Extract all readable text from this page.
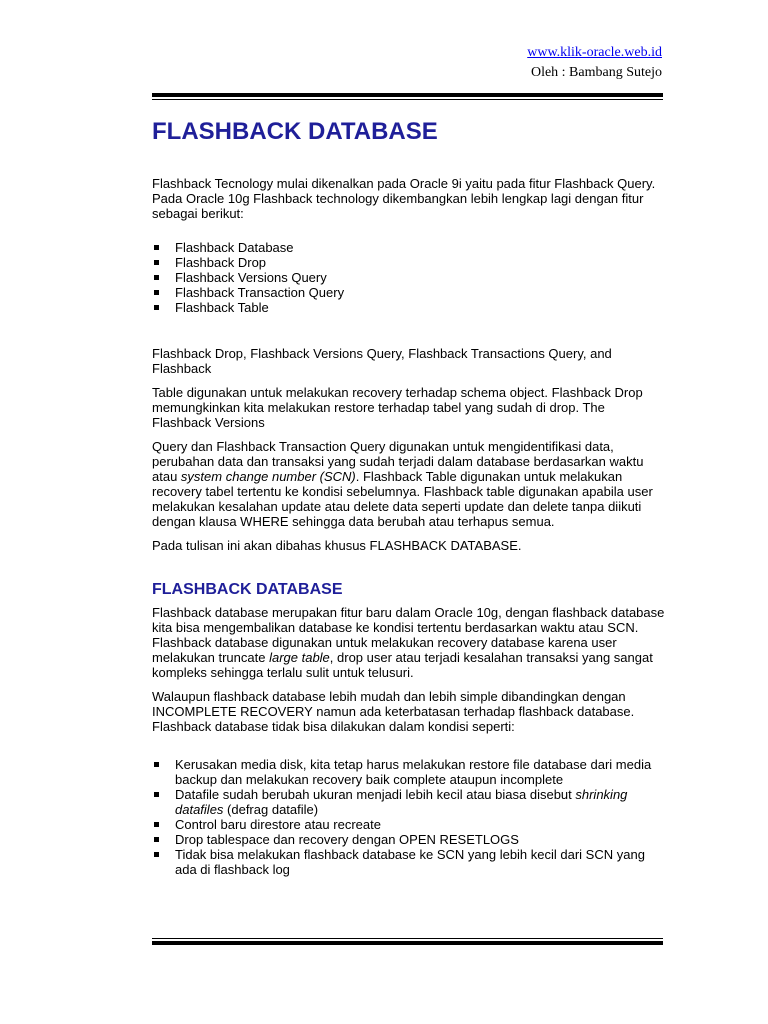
www.klik-oracle.web.id
Oleh : Bambang Sutejo
FLASHBACK DATABASE

Flashback Tecnology mulai dikenalkan pada Oracle 9i yaitu pada fitur Flashback Query. Pada Oracle 10g Flashback technology dikembangkan lebih lengkap lagi dengan fitur sebagai berikut:

Flashback Database
Flashback Drop
Flashback Versions Query
Flashback Transaction Query
Flashback Table

Flashback Drop, Flashback Versions Query, Flashback Transactions Query, and Flashback

Table digunakan untuk melakukan recovery terhadap schema object. Flashback Drop memungkinkan kita melakukan restore terhadap tabel yang sudah di drop. The Flashback Versions

Query dan Flashback Transaction Query digunakan untuk mengidentifikasi data, perubahan data dan transaksi yang sudah terjadi dalam database berdasarkan waktu atau system change number (SCN). Flashback Table digunakan untuk melakukan recovery tabel tertentu ke kondisi sebelumnya. Flashback table digunakan apabila user melakukan kesalahan update atau delete data seperti update dan delete tanpa diikuti dengan klausa WHERE sehingga data berubah atau terhapus semua.

Pada tulisan ini akan dibahas khusus FLASHBACK DATABASE.

FLASHBACK DATABASE

Flashback database merupakan fitur baru dalam Oracle 10g, dengan flashback database kita bisa mengembalikan database ke kondisi tertentu berdasarkan waktu atau SCN. Flashback database digunakan untuk melakukan recovery database karena user melakukan truncate large table, drop user atau terjadi kesalahan transaksi yang sangat kompleks sehingga terlalu sulit untuk telusuri.

Walaupun flashback database lebih mudah dan lebih simple dibandingkan dengan INCOMPLETE RECOVERY namun ada keterbatasan terhadap flashback database. Flashback database tidak bisa dilakukan dalam kondisi seperti:

Kerusakan media disk, kita tetap harus melakukan restore file database dari media backup dan melakukan recovery baik complete ataupun incomplete
Datafile sudah berubah ukuran menjadi lebih kecil atau biasa disebut shrinking datafiles (defrag datafile)
Control baru direstore atau recreate
Drop tablespace dan recovery dengan OPEN RESETLOGS
Tidak bisa melakukan flashback database ke SCN yang lebih kecil dari SCN yang ada di flashback log
